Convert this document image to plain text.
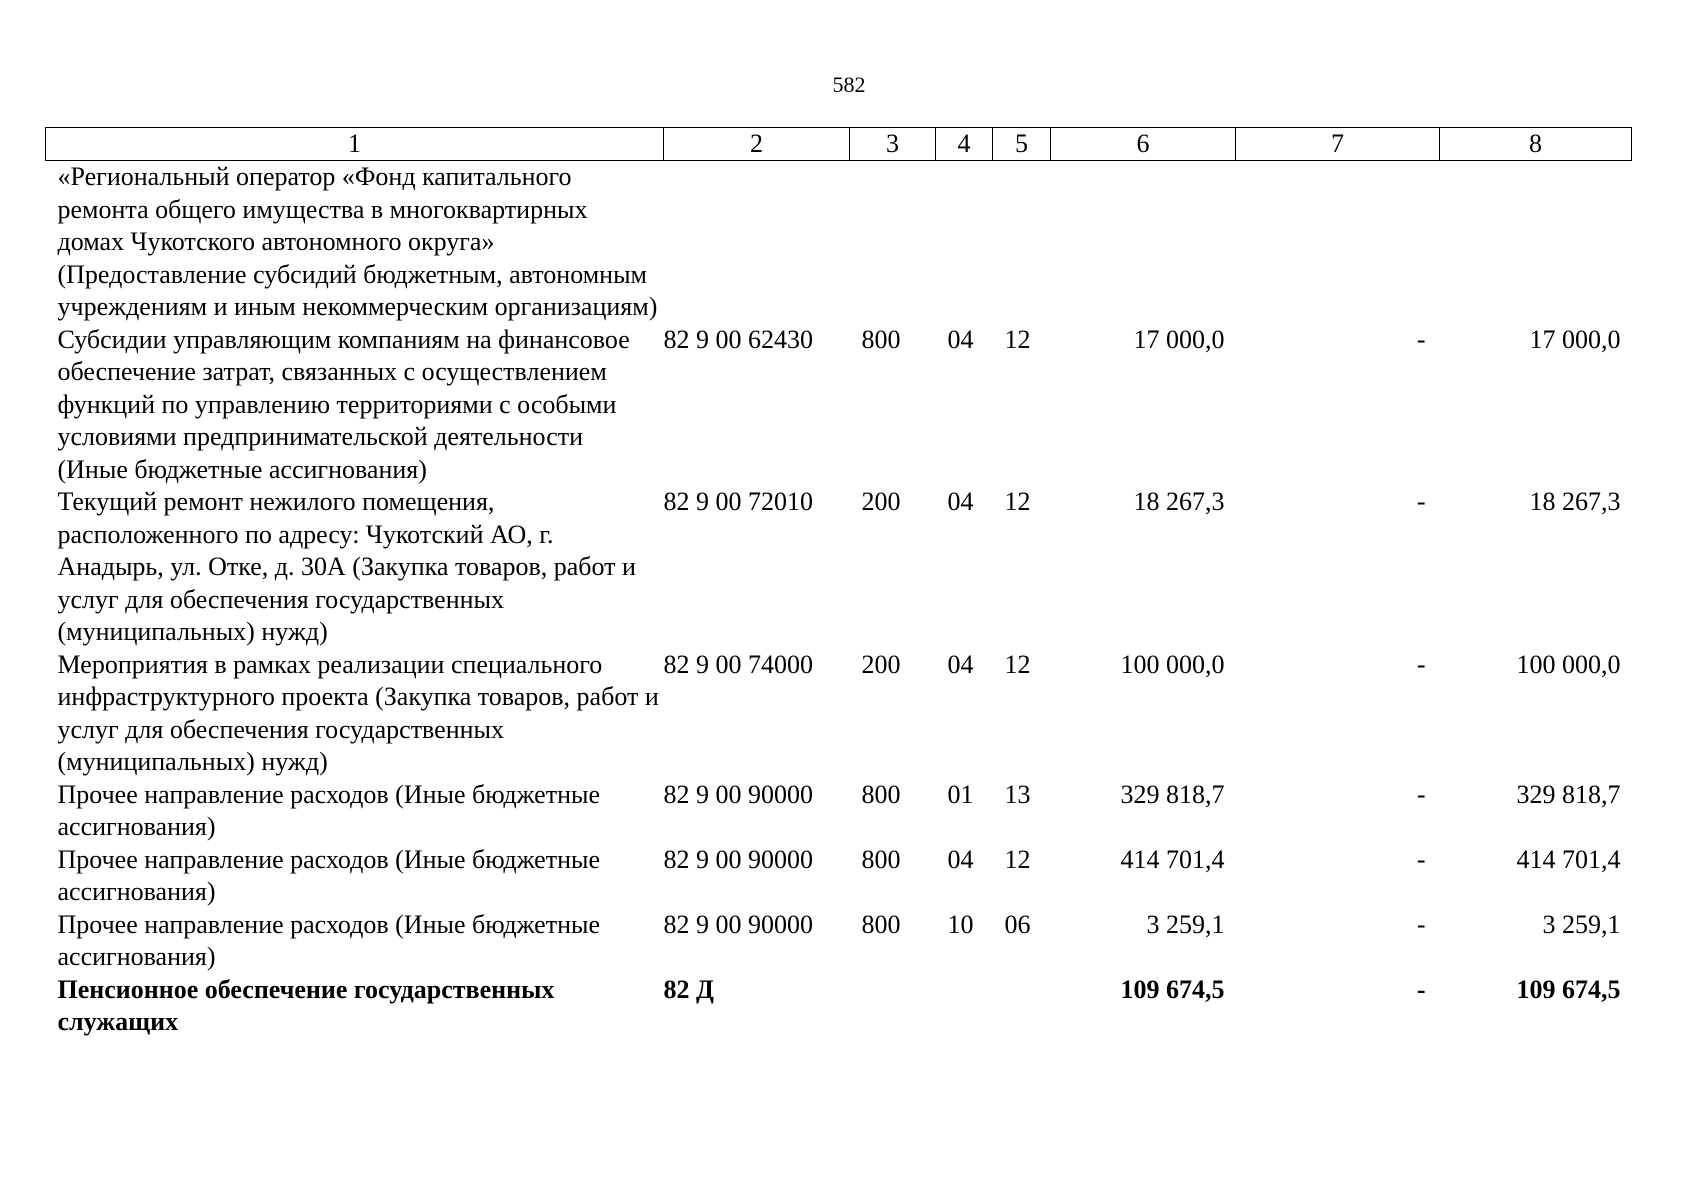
582
1	2	3	4	5	6	7	8
«Региональный оператор «Фонд капитального ремонта общего имущества в многоквартирных домах Чукотского автономного округа» (Предоставление субсидий бюджетным, автономным учреждениям и иным некоммерческим организациям)							
Субсидии управляющим компаниям на финансовое обеспечение затрат, связанных с осуществлением функций по управлению территориями с особыми условиями предпринимательской деятельности (Иные бюджетные ассигнования)	82 9 00 62430	800	04	12	17 000,0	-	17 000,0
Текущий ремонт нежилого помещения, расположенного по адресу: Чукотский АО, г. Анадырь, ул. Отке, д. 30А (Закупка товаров, работ и услуг для обеспечения государственных (муниципальных) нужд)	82 9 00 72010	200	04	12	18 267,3	-	18 267,3
Мероприятия в рамках реализации специального инфраструктурного проекта (Закупка товаров, работ и услуг для обеспечения государственных (муниципальных) нужд)	82 9 00 74000	200	04	12	100 000,0	-	100 000,0
Прочее направление расходов (Иные бюджетные ассигнования)	82 9 00 90000	800	01	13	329 818,7	-	329 818,7
Прочее направление расходов (Иные бюджетные ассигнования)	82 9 00 90000	800	04	12	414 701,4	-	414 701,4
Прочее направление расходов (Иные бюджетные ассигнования)	82 9 00 90000	800	10	06	3 259,1	-	3 259,1
Пенсионное обеспечение государственных служащих	82 Д				109 674,5	-	109 674,5
